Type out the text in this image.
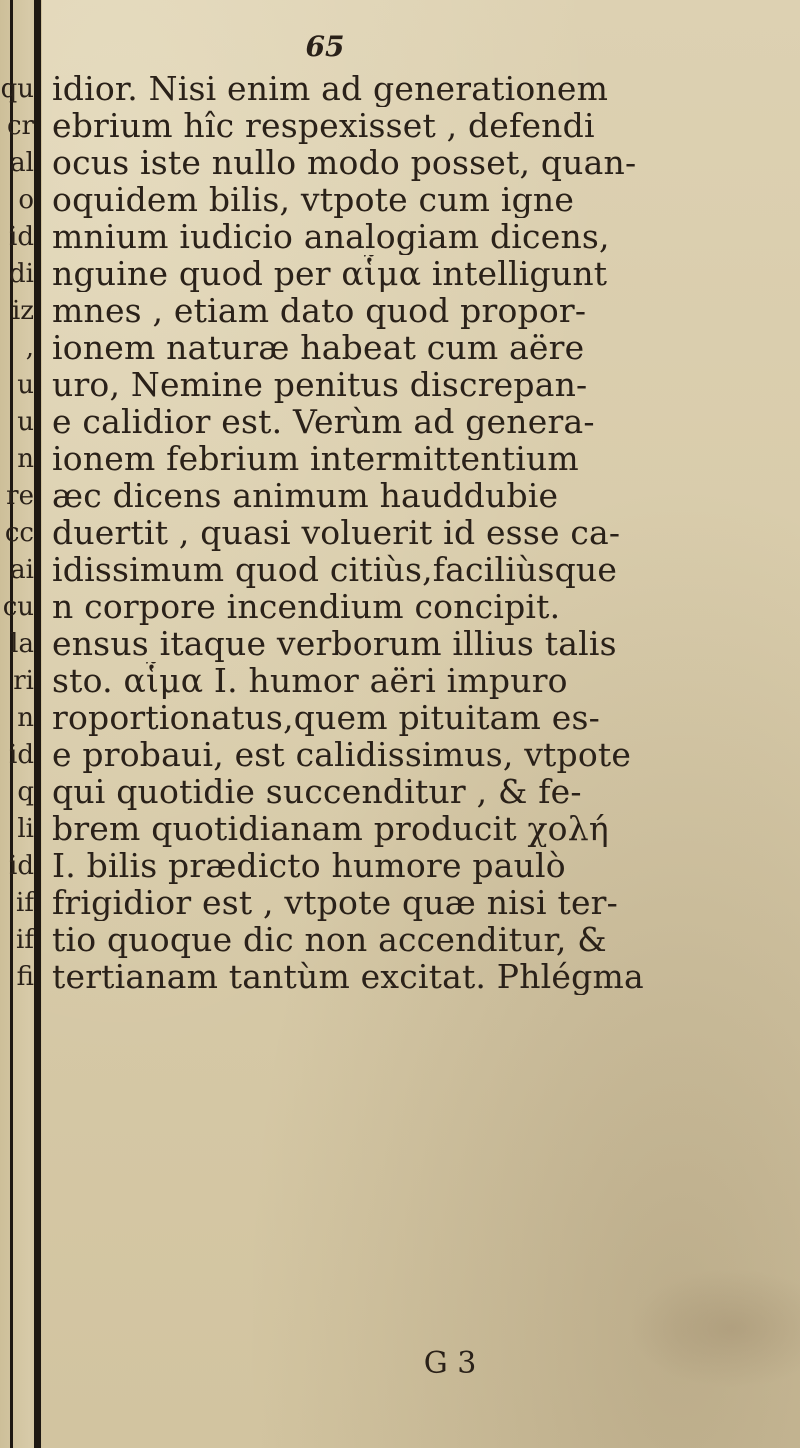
qu
cr
al
o
id
di
iz
,
u
u
n
re
cc
ai
cu
la
ri
n
id
q
li
id
if
if
fi
65
idior. Nisi enim ad generationem
ebrium hîc respexisset , defendi
ocus iste nullo modo posset, quan-
oquidem bilis, vtpote cum igne
mnium iudicio analogiam dicens,
nguine quod per αἷμα intelligunt
mnes , etiam dato quod propor-
ionem naturæ habeat cum aëre
uro, Nemine penitus discrepan-
e calidior est. Verùm ad genera-
ionem febrium intermittentium
æc dicens animum hauddubie
duertit , quasi voluerit id esse ca-
idissimum quod citiùs,faciliùsque
n corpore incendium concipit.
ensus itaque verborum illius talis
sto. αἷμα I. humor aëri impuro
roportionatus,quem pituitam es-
e probaui, est calidissimus, vtpote
qui quotidie succenditur , & fe-
brem quotidianam producit χολή
I. bilis prædicto humore paulò
frigidior est , vtpote quæ nisi ter-
tio quoque dic non accenditur, &
tertianam tantùm excitat. Phlégma
G 3
